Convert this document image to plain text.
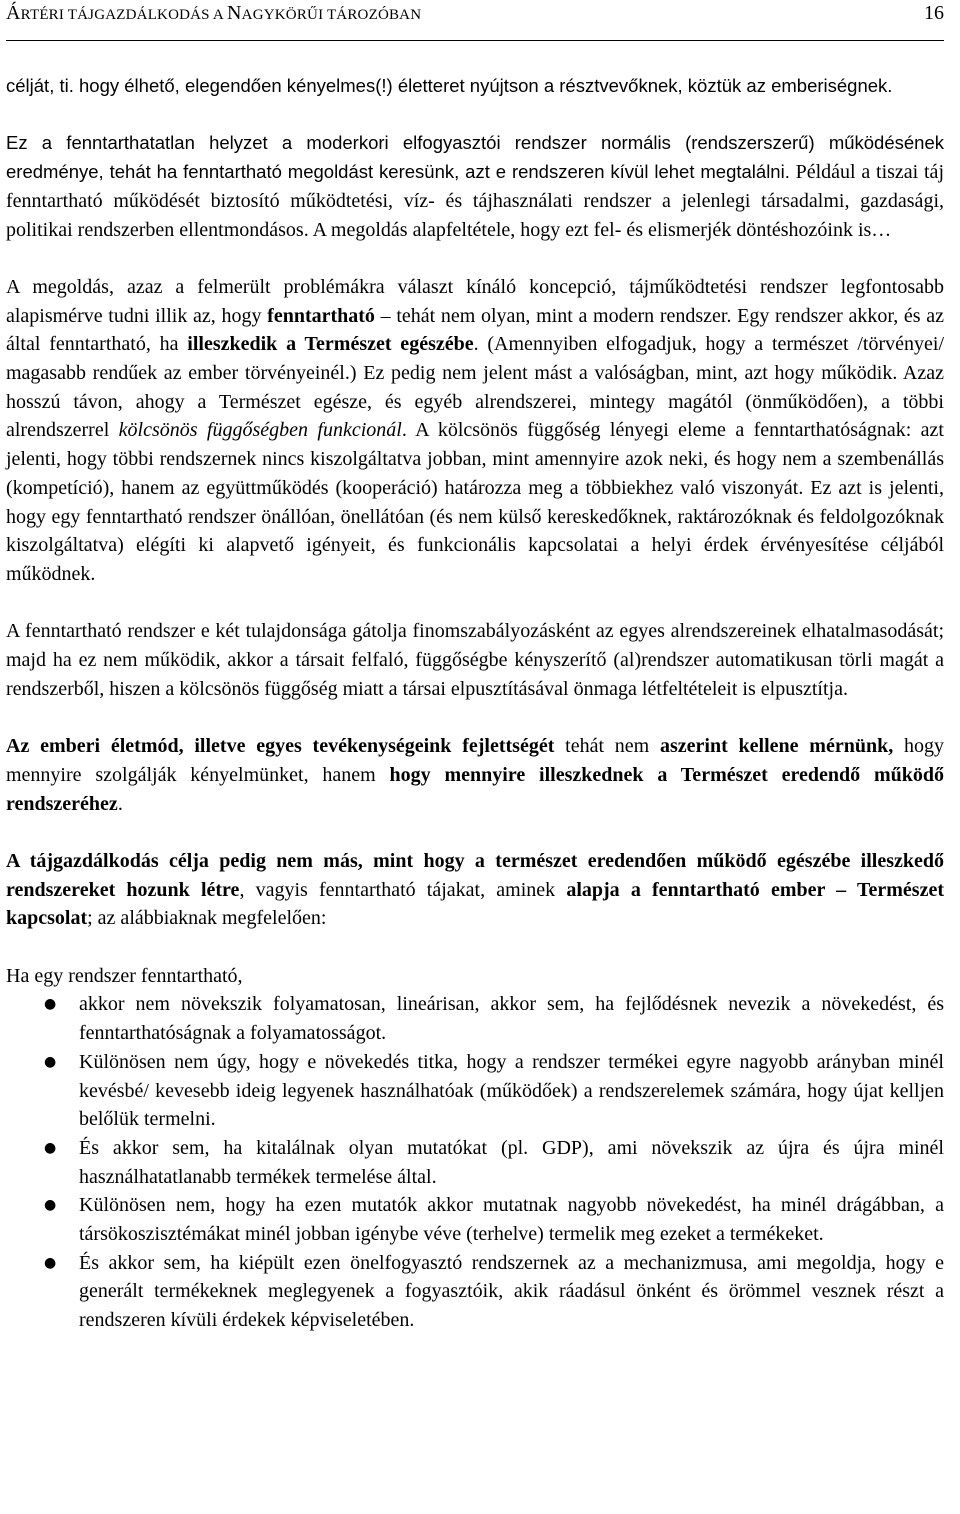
ÁRTÉRI TÁJGAZDÁLKODÁS A NAGYKÖRŰI TÁROZÓBAN	16

célját, ti. hogy élhető, elegendően kényelmes(!) életteret nyújtson a résztvevőknek, köztük az emberiségnek.

Ez a fenntarthatatlan helyzet a moderkori elfogyasztói rendszer normális (rendszerszerű) működésének eredménye, tehát ha fenntartható megoldást keresünk, azt e rendszeren kívül lehet megtalálni. Például a tiszai táj fenntartható működését biztosító működtetési, víz- és tájhasználati rendszer a jelenlegi társadalmi, gazdasági, politikai rendszerben ellentmondásos. A megoldás alapfeltétele, hogy ezt fel- és elismerjék döntéshozóink is…

A megoldás, azaz a felmerült problémákra választ kínáló koncepció, tájműködtetési rendszer legfontosabb alapismérve tudni illik az, hogy fenntartható – tehát nem olyan, mint a modern rendszer. Egy rendszer akkor, és az által fenntartható, ha illeszkedik a Természet egészébe. (Amennyiben elfogadjuk, hogy a természet /törvényei/ magasabb rendűek az ember törvényeinél.) Ez pedig nem jelent mást a valóságban, mint, azt hogy működik. Azaz hosszú távon, ahogy a Természet egésze, és egyéb alrendszerei, mintegy magától (önműködően), a többi alrendszerrel kölcsönös függőségben funkcionál. A kölcsönös függőség lényegi eleme a fenntarthatóságnak: azt jelenti, hogy többi rendszernek nincs kiszolgáltatva jobban, mint amennyire azok neki, és hogy nem a szembenállás (kompetíció), hanem az együttműködés (kooperáció) határozza meg a többiekhez való viszonyát. Ez azt is jelenti, hogy egy fenntartható rendszer önállóan, önellátóan (és nem külső kereskedőknek, raktározóknak és feldolgozóknak kiszolgáltatva) elégíti ki alapvető igényeit, és funkcionális kapcsolatai a helyi érdek érvényesítése céljából működnek.

A fenntartható rendszer e két tulajdonsága gátolja finomszabályozásként az egyes alrendszereinek elhatalmasodását; majd ha ez nem működik, akkor a társait felfaló, függőségbe kényszerítő (al)rendszer automatikusan törli magát a rendszerből, hiszen a kölcsönös függőség miatt a társai elpusztításával önmaga létfeltételeit is elpusztítja.

Az emberi életmód, illetve egyes tevékenységeink fejlettségét tehát nem aszerint kellene mérnünk, hogy mennyire szolgálják kényelmünket, hanem hogy mennyire illeszkednek a Természet eredendő működő rendszeréhez.

A tájgazdálkodás célja pedig nem más, mint hogy a természet eredendően működő egészébe illeszkedő rendszereket hozunk létre, vagyis fenntartható tájakat, aminek alapja a fenntartható ember – Természet kapcsolat; az alábbiaknak megfelelően:

Ha egy rendszer fenntartható,

● akkor nem növekszik folyamatosan, lineárisan, akkor sem, ha fejlődésnek nevezik a növekedést, és fenntarthatóságnak a folyamatosságot.
● Különösen nem úgy, hogy e növekedés titka, hogy a rendszer termékei egyre nagyobb arányban minél kevésbé/ kevesebb ideig legyenek használhatóak (működőek) a rendszerelemek számára, hogy újat kelljen belőlük termelni.
● És akkor sem, ha kitalálnak olyan mutatókat (pl. GDP), ami növekszik az újra és újra minél használhatatlanabb termékek termelése által.
● Különösen nem, hogy ha ezen mutatók akkor mutatnak nagyobb növekedést, ha minél drágábban, a társökoszisztémákat minél jobban igénybe véve (terhelve) termelik meg ezeket a termékeket.
● És akkor sem, ha kiépült ezen önelfogyasztó rendszernek az a mechanizmusa, ami megoldja, hogy e generált termékeknek meglegyenek a fogyasztóik, akik ráadásul önként és örömmel vesznek részt a rendszeren kívüli érdekek képviseletében.
